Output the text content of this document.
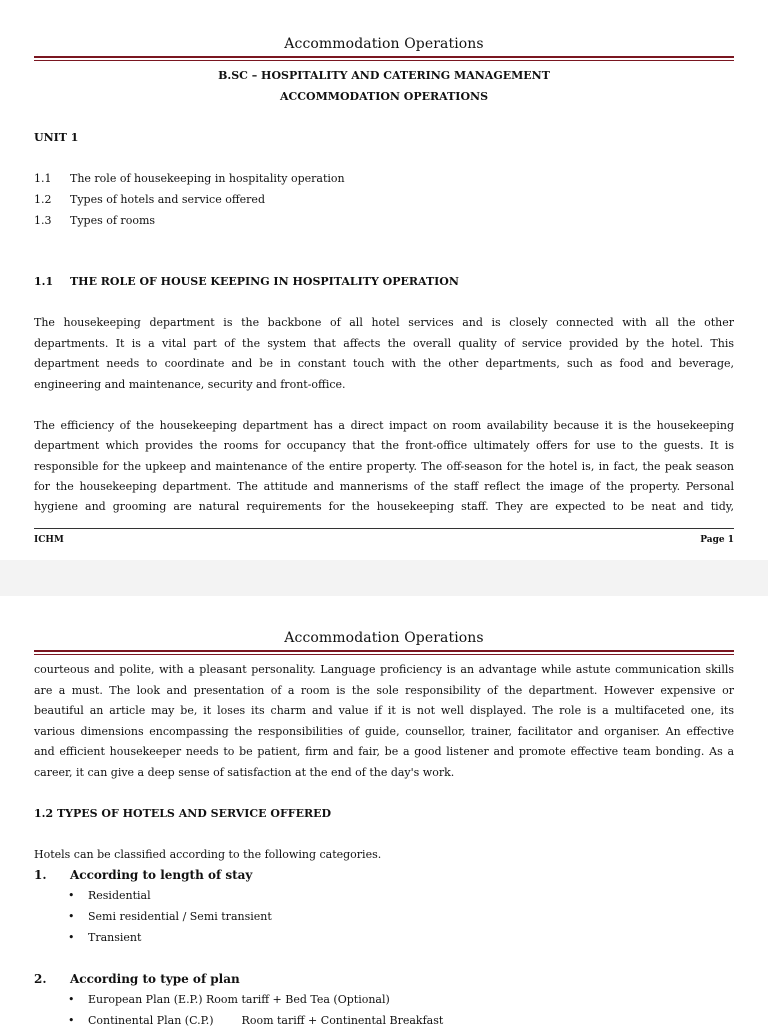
Accommodation Operations
B.SC – HOSPITALITY AND CATERING MANAGEMENT
ACCOMMODATION OPERATIONS
UNIT 1
1.1 The role of housekeeping in hospitality operation
1.2 Types of hotels and service offered
1.3 Types of rooms
1.1 THE ROLE OF HOUSE KEEPING IN HOSPITALITY OPERATION
The housekeeping department is the backbone of all hotel services and is closely connected with all the other
departments. It is a vital part of the system that affects the overall quality of service provided by the hotel. This
department needs to coordinate and be in constant touch with the other departments, such as food and beverage,
engineering and maintenance, security and front-office.
The efficiency of the housekeeping department has a direct impact on room availability because it is the housekeeping
department which provides the rooms for occupancy that the front-office ultimately offers for use to the guests. It is
responsible for the upkeep and maintenance of the entire property. The off-season for the hotel is, in fact, the peak season
for the housekeeping department. The attitude and mannerisms of the staff reflect the image of the property. Personal
hygiene and grooming are natural requirements for the housekeeping staff. They are expected to be neat and tidy,
ICHM	Page 1
Accommodation Operations
courteous and polite, with a pleasant personality. Language proficiency is an advantage while astute communication skills
are a must. The look and presentation of a room is the sole responsibility of the department. However expensive or
beautiful an article may be, it loses its charm and value if it is not well displayed. The role is a multifaceted one, its
various dimensions encompassing the responsibilities of guide, counsellor, trainer, facilitator and organiser. An effective
and efficient housekeeper needs to be patient, firm and fair, be a good listener and promote effective team bonding. As a
career, it can give a deep sense of satisfaction at the end of the day's work.
1.2 TYPES OF HOTELS AND SERVICE OFFERED
Hotels can be classified according to the following categories.
1. According to length of stay
Residential
Semi residential / Semi transient
Transient
2. According to type of plan
European Plan (E.P.) Room tariff + Bed Tea (Optional)
Continental Plan (C.P.)        Room tariff + Continental Breakfast
